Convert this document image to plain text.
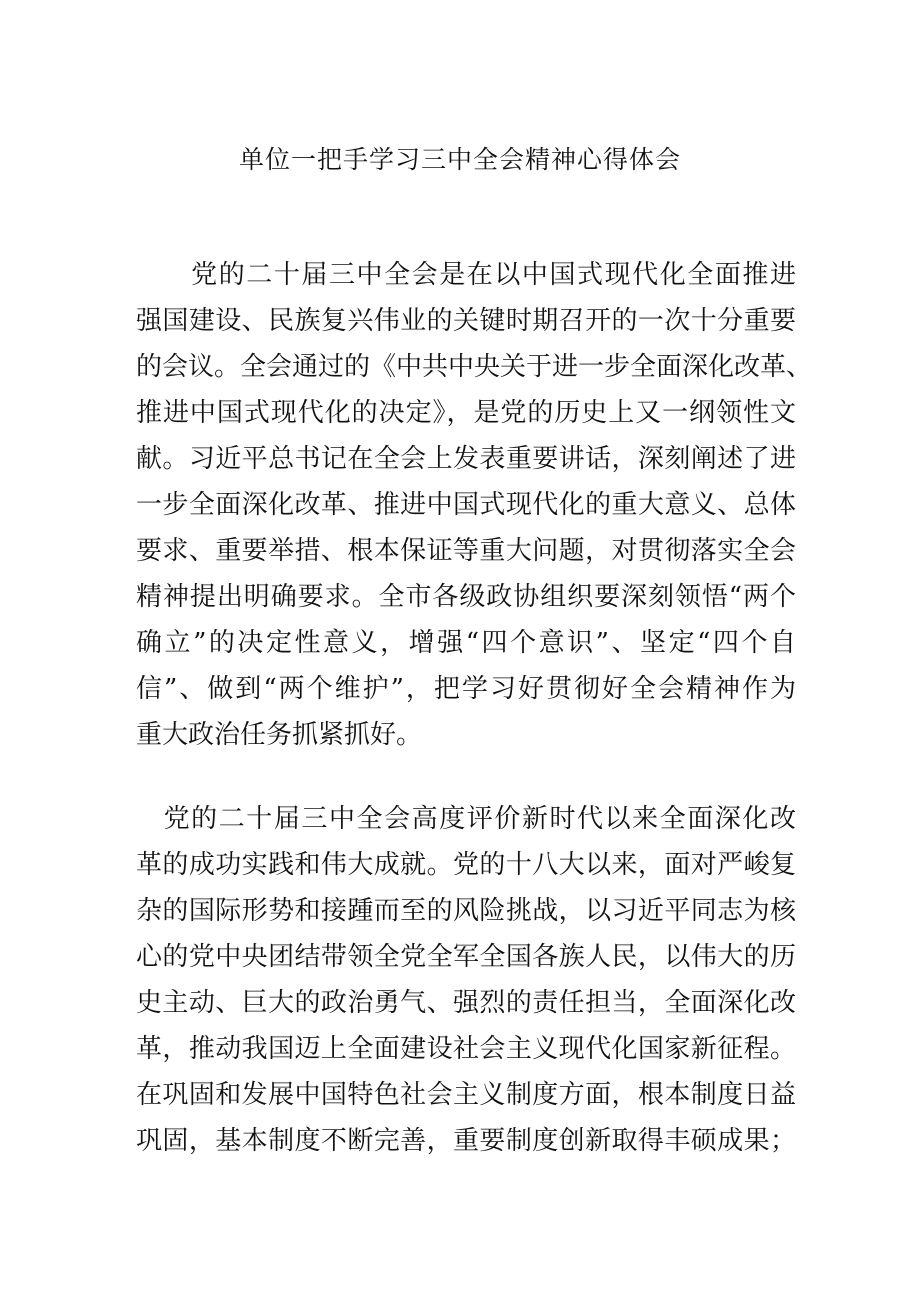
单位一把手学习三中全会精神心得体会
　　党的二十届三中全会是在以中国式现代化全面推进
强国建设、民族复兴伟业的关键时期召开的一次十分重要
的会议。全会通过的《中共中央关于进一步全面深化改革、
推进中国式现代化的决定》，是党的历史上又一纲领性文
献。习近平总书记在全会上发表重要讲话，深刻阐述了进
一步全面深化改革、推进中国式现代化的重大意义、总体
要求、重要举措、根本保证等重大问题，对贯彻落实全会
精神提出明确要求。全市各级政协组织要深刻领悟“两个
确立”的决定性意义，增强“四个意识”、坚定“四个自
信”、做到“两个维护”，把学习好贯彻好全会精神作为
重大政治任务抓紧抓好。
　党的二十届三中全会高度评价新时代以来全面深化改
革的成功实践和伟大成就。党的十八大以来，面对严峻复
杂的国际形势和接踵而至的风险挑战，以习近平同志为核
心的党中央团结带领全党全军全国各族人民，以伟大的历
史主动、巨大的政治勇气、强烈的责任担当，全面深化改
革，推动我国迈上全面建设社会主义现代化国家新征程。
在巩固和发展中国特色社会主义制度方面，根本制度日益
巩固，基本制度不断完善，重要制度创新取得丰硕成果；
